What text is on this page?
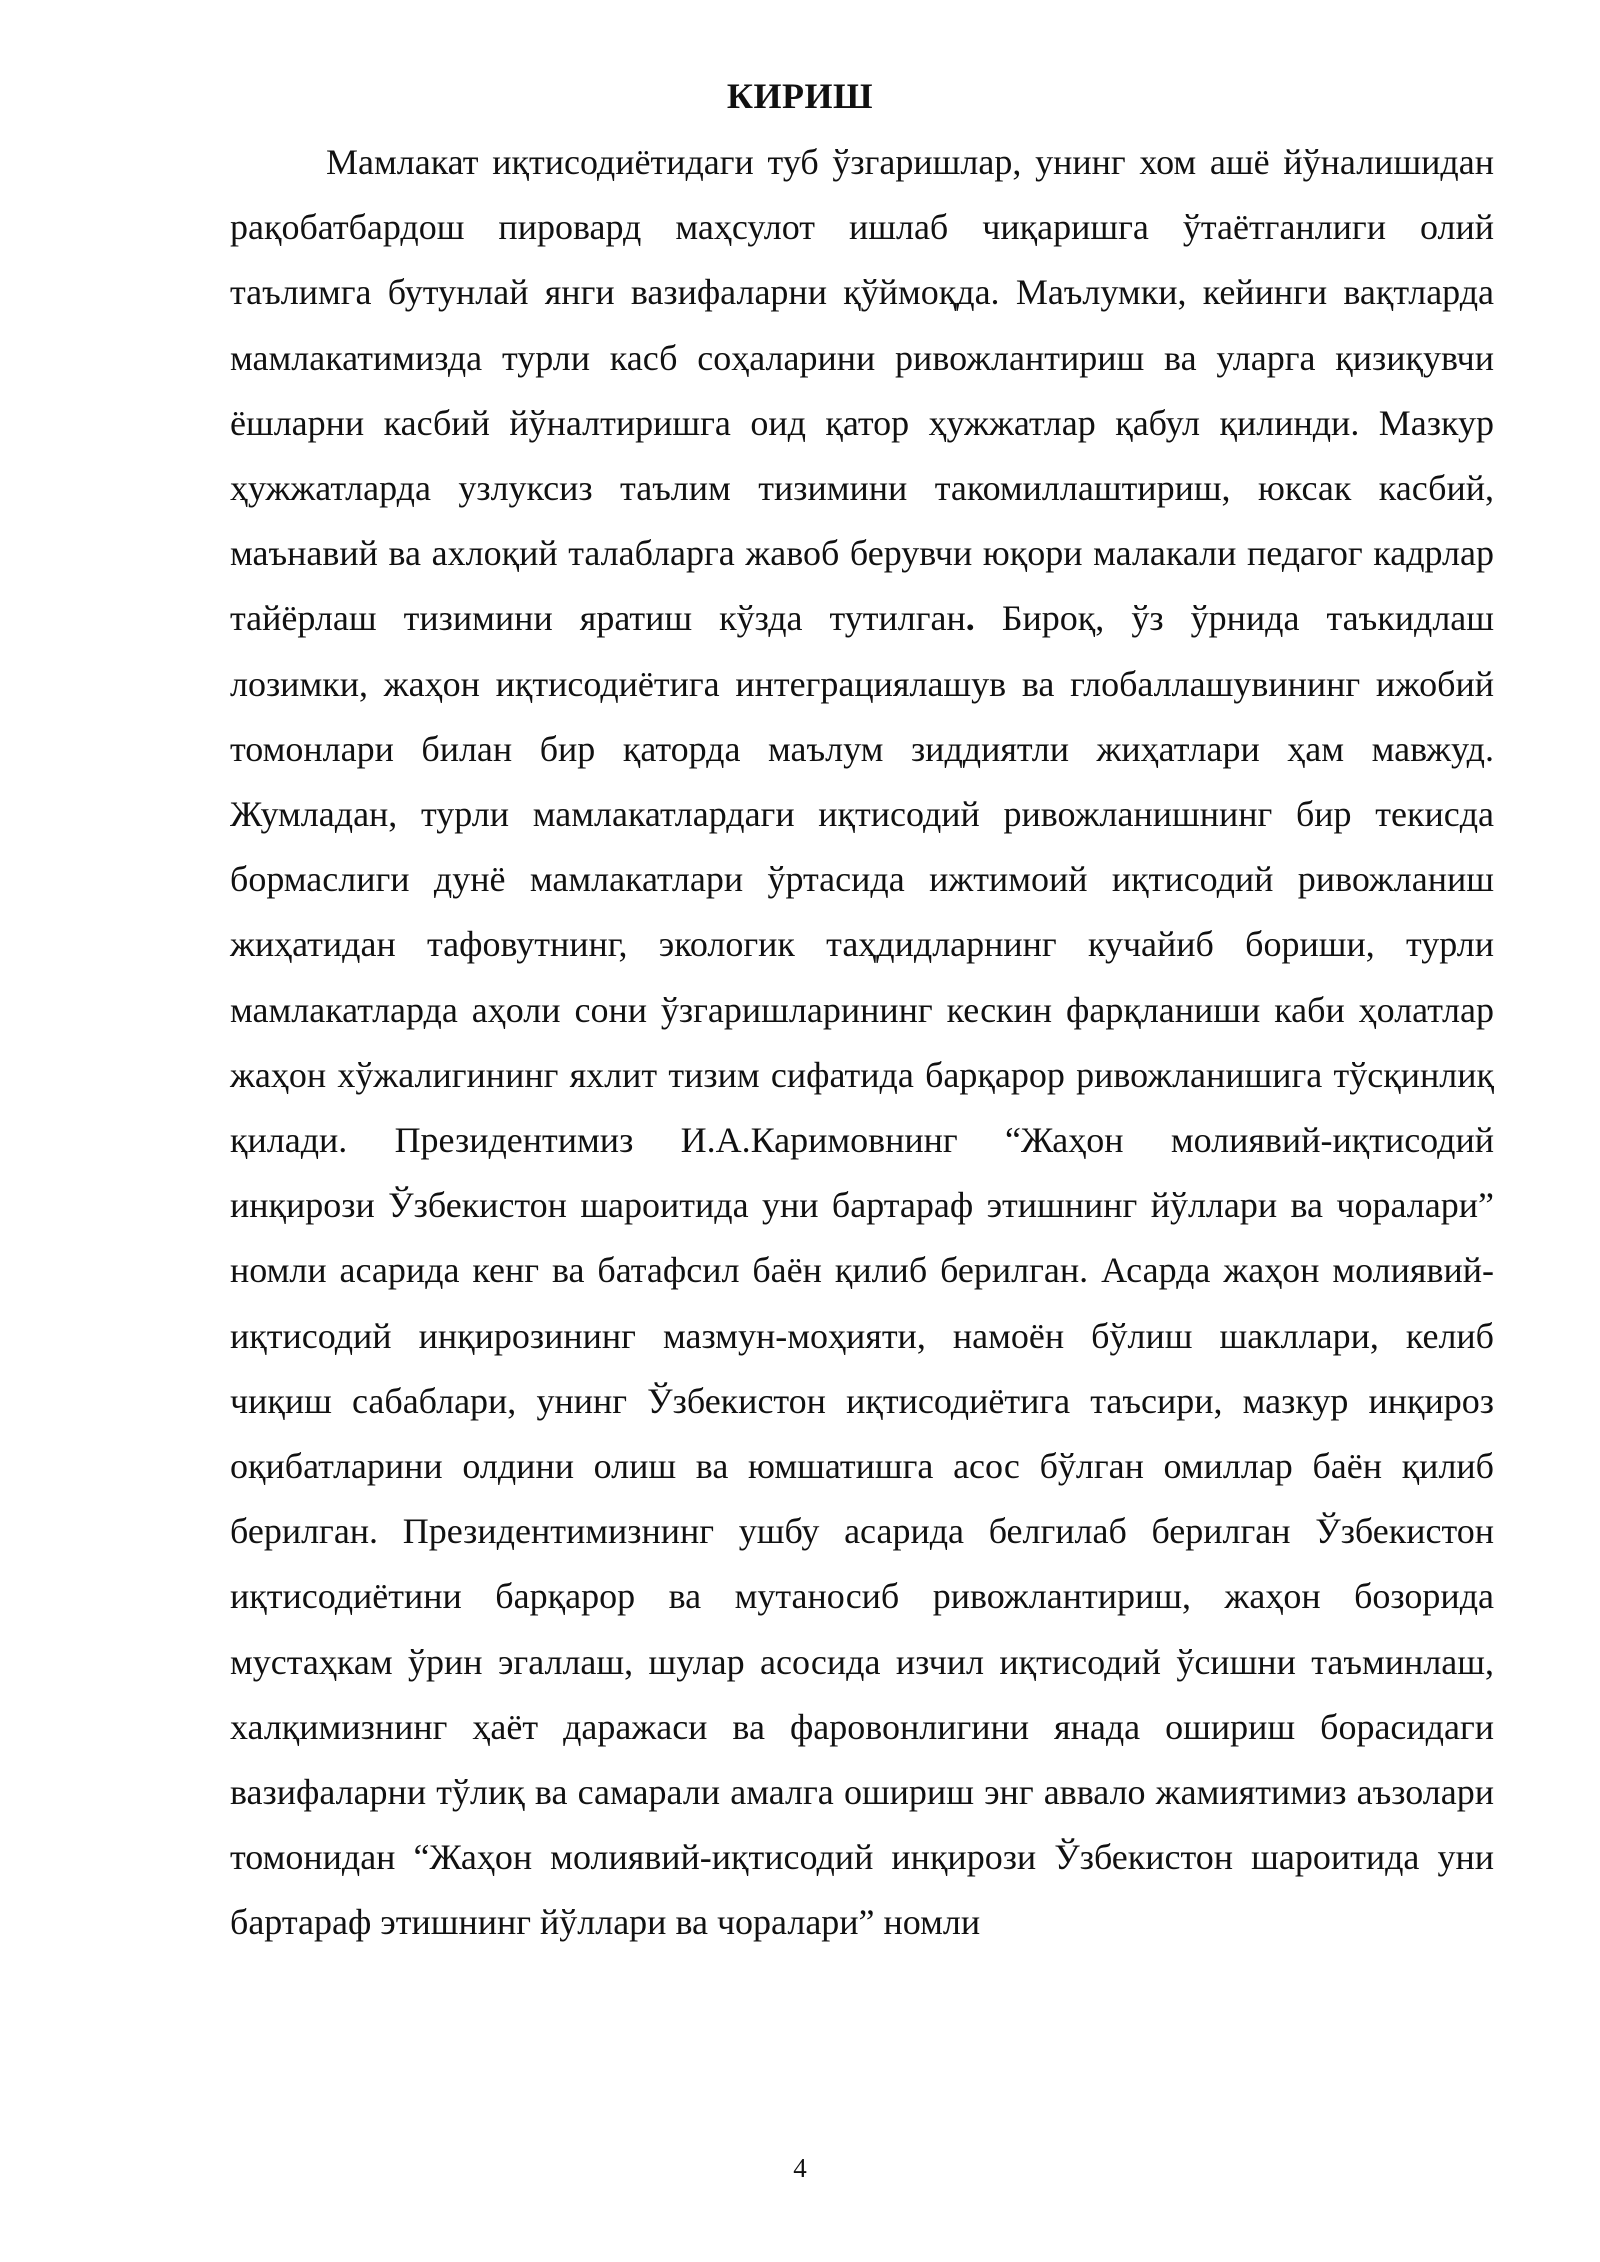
КИРИШ

Мамлакат иқтисодиётидаги туб ўзгаришлар, унинг хом ашё йўналишидан рақобатбардош пировард маҳсулот ишлаб чиқаришга ўтаётганлиги олий таълимга бутунлай янги вазифаларни қўймоқда. Маълумки, кейинги вақтларда мамлакатимизда турли касб соҳаларини ривожлантириш ва уларга қизиқувчи ёшларни касбий йўналтиришга оид қатор ҳужжатлар қабул қилинди. Мазкур ҳужжатларда узлуксиз таълим тизимини такомиллаштириш, юксак касбий, маънавий ва ахлоқий талабларга жавоб берувчи юқори малакали педагог кадрлар тайёрлаш тизимини яратиш кўзда тутилган. Бироқ, ўз ўрнида таъкидлаш лозимки, жаҳон иқтисодиётига интеграциялашув ва глобаллашувининг ижобий томонлари билан бир қаторда маълум зиддиятли жиҳатлари ҳам мавжуд. Жумладан, турли мамлакатлардаги иқтисодий ривожланишнинг бир текисда бормаслиги дунё мамлакатлари ўртасида ижтимоий иқтисодий ривожланиш жиҳатидан тафовутнинг, экологик таҳдидларнинг кучайиб бориши, турли мамлакатларда аҳоли сони ўзгаришларининг кескин фарқланиши каби ҳолатлар жаҳон хўжалигининг яхлит тизим сифатида барқарор ривожланишига тўсқинлиқ қилади. Президентимиз И.А.Каримовнинг “Жаҳон молиявий-иқтисодий инқирози Ўзбекистон шароитида уни бартараф этишнинг йўллари ва чоралари” номли асарида кенг ва батафсил баён қилиб берилган. Асарда жаҳон молиявий-иқтисодий инқирозининг мазмун-моҳияти, намоён бўлиш шакллари, келиб чиқиш сабаблари, унинг Ўзбекистон иқтисодиётига таъсири, мазкур инқироз оқибатларини олдини олиш ва юмшатишга асос бўлган омиллар баён қилиб берилган. Президентимизнинг ушбу асарида белгилаб берилган Ўзбекистон иқтисодиётини барқарор ва мутаносиб ривожлантириш, жаҳон бозорида мустаҳкам ўрин эгаллаш, шулар асосида изчил иқтисодий ўсишни таъминлаш, халқимизнинг ҳаёт даражаси ва фаровонлигини янада ошириш борасидаги вазифаларни тўлиқ ва самарали амалга ошириш энг аввало жамиятимиз аъзолари томонидан “Жаҳон молиявий-иқтисодий инқирози Ўзбекистон шароитида уни бартараф этишнинг йўллари ва чоралари” номли

4
